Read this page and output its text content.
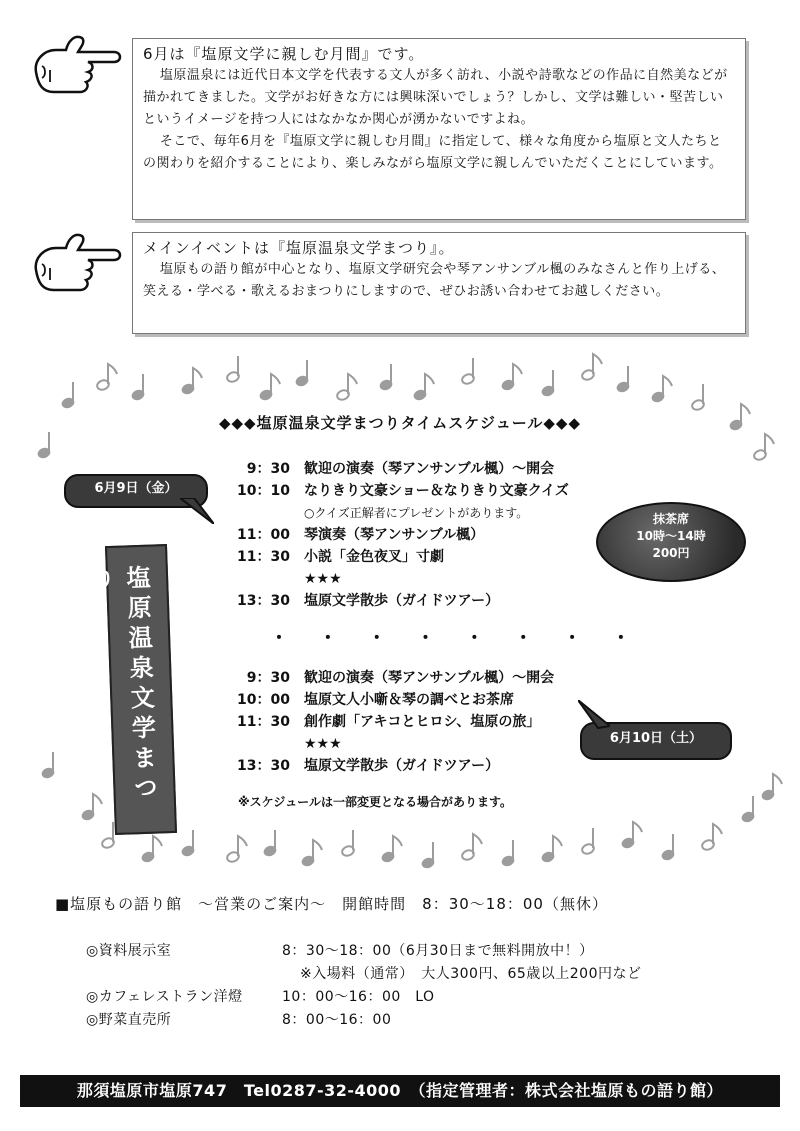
6月は『塩原文学に親しむ月間』です。

塩原温泉には近代日本文学を代表する文人が多く訪れ、小説や詩歌などの作品に自然美などが描かれてきました。文学がお好きな方には興味深いでしょう？しかし、文学は難しい・堅苦しいというイメージを持つ人にはなかなか関心が湧かないですよね。

そこで、毎年6月を『塩原文学に親しむ月間』に指定して、様々な角度から塩原と文人たちとの関わりを紹介することにより、楽しみながら塩原文学に親しんでいただくことにしています。

メインイベントは『塩原温泉文学まつり』。

塩原もの語り館が中心となり、塩原文学研究会や琴アンサンブル楓のみなさんと作り上げる、笑える・学べる・歌えるおまつりにしますので、ぜひお誘い合わせてお越しください。

◆◆◆塩原温泉文学まつりタイムスケジュール◆◆◆
6月9日（金）
6月10日（土）
塩原温泉文学まつり
9：30	歓迎の演奏（琴アンサンブル楓）～開会
10：10	なりきり文豪ショー＆なりきり文豪クイズ
○クイズ正解者にプレゼントがあります。
11：00	琴演奏（琴アンサンブル楓）
11：30	小説「金色夜叉」寸劇
★★★
13：30	塩原文学散歩（ガイドツアー）
抹茶席
10時～14時
200円
・ ・ ・ ・ ・ ・ ・ ・
9：30	歓迎の演奏（琴アンサンブル楓）～開会
10：00	塩原文人小噺＆琴の調べとお茶席
11：30	創作劇「アキコとヒロシ、塩原の旅」
★★★
13：30	塩原文学散歩（ガイドツアー）
※スケジュールは一部変更となる場合があります。
■塩原もの語り館　～営業のご案内～　開館時間　8：30～18：00（無休）
◎資料展示室	8：30～18：00（6月30日まで無料開放中！）
※入場料（通常）　大人300円、65歳以上200円など
◎カフェレストラン洋燈	10：00～16：00　LO
◎野菜直売所	8：00～16：00
那須塩原市塩原747　Tel0287-32-4000　（指定管理者：株式会社塩原もの語り館）
